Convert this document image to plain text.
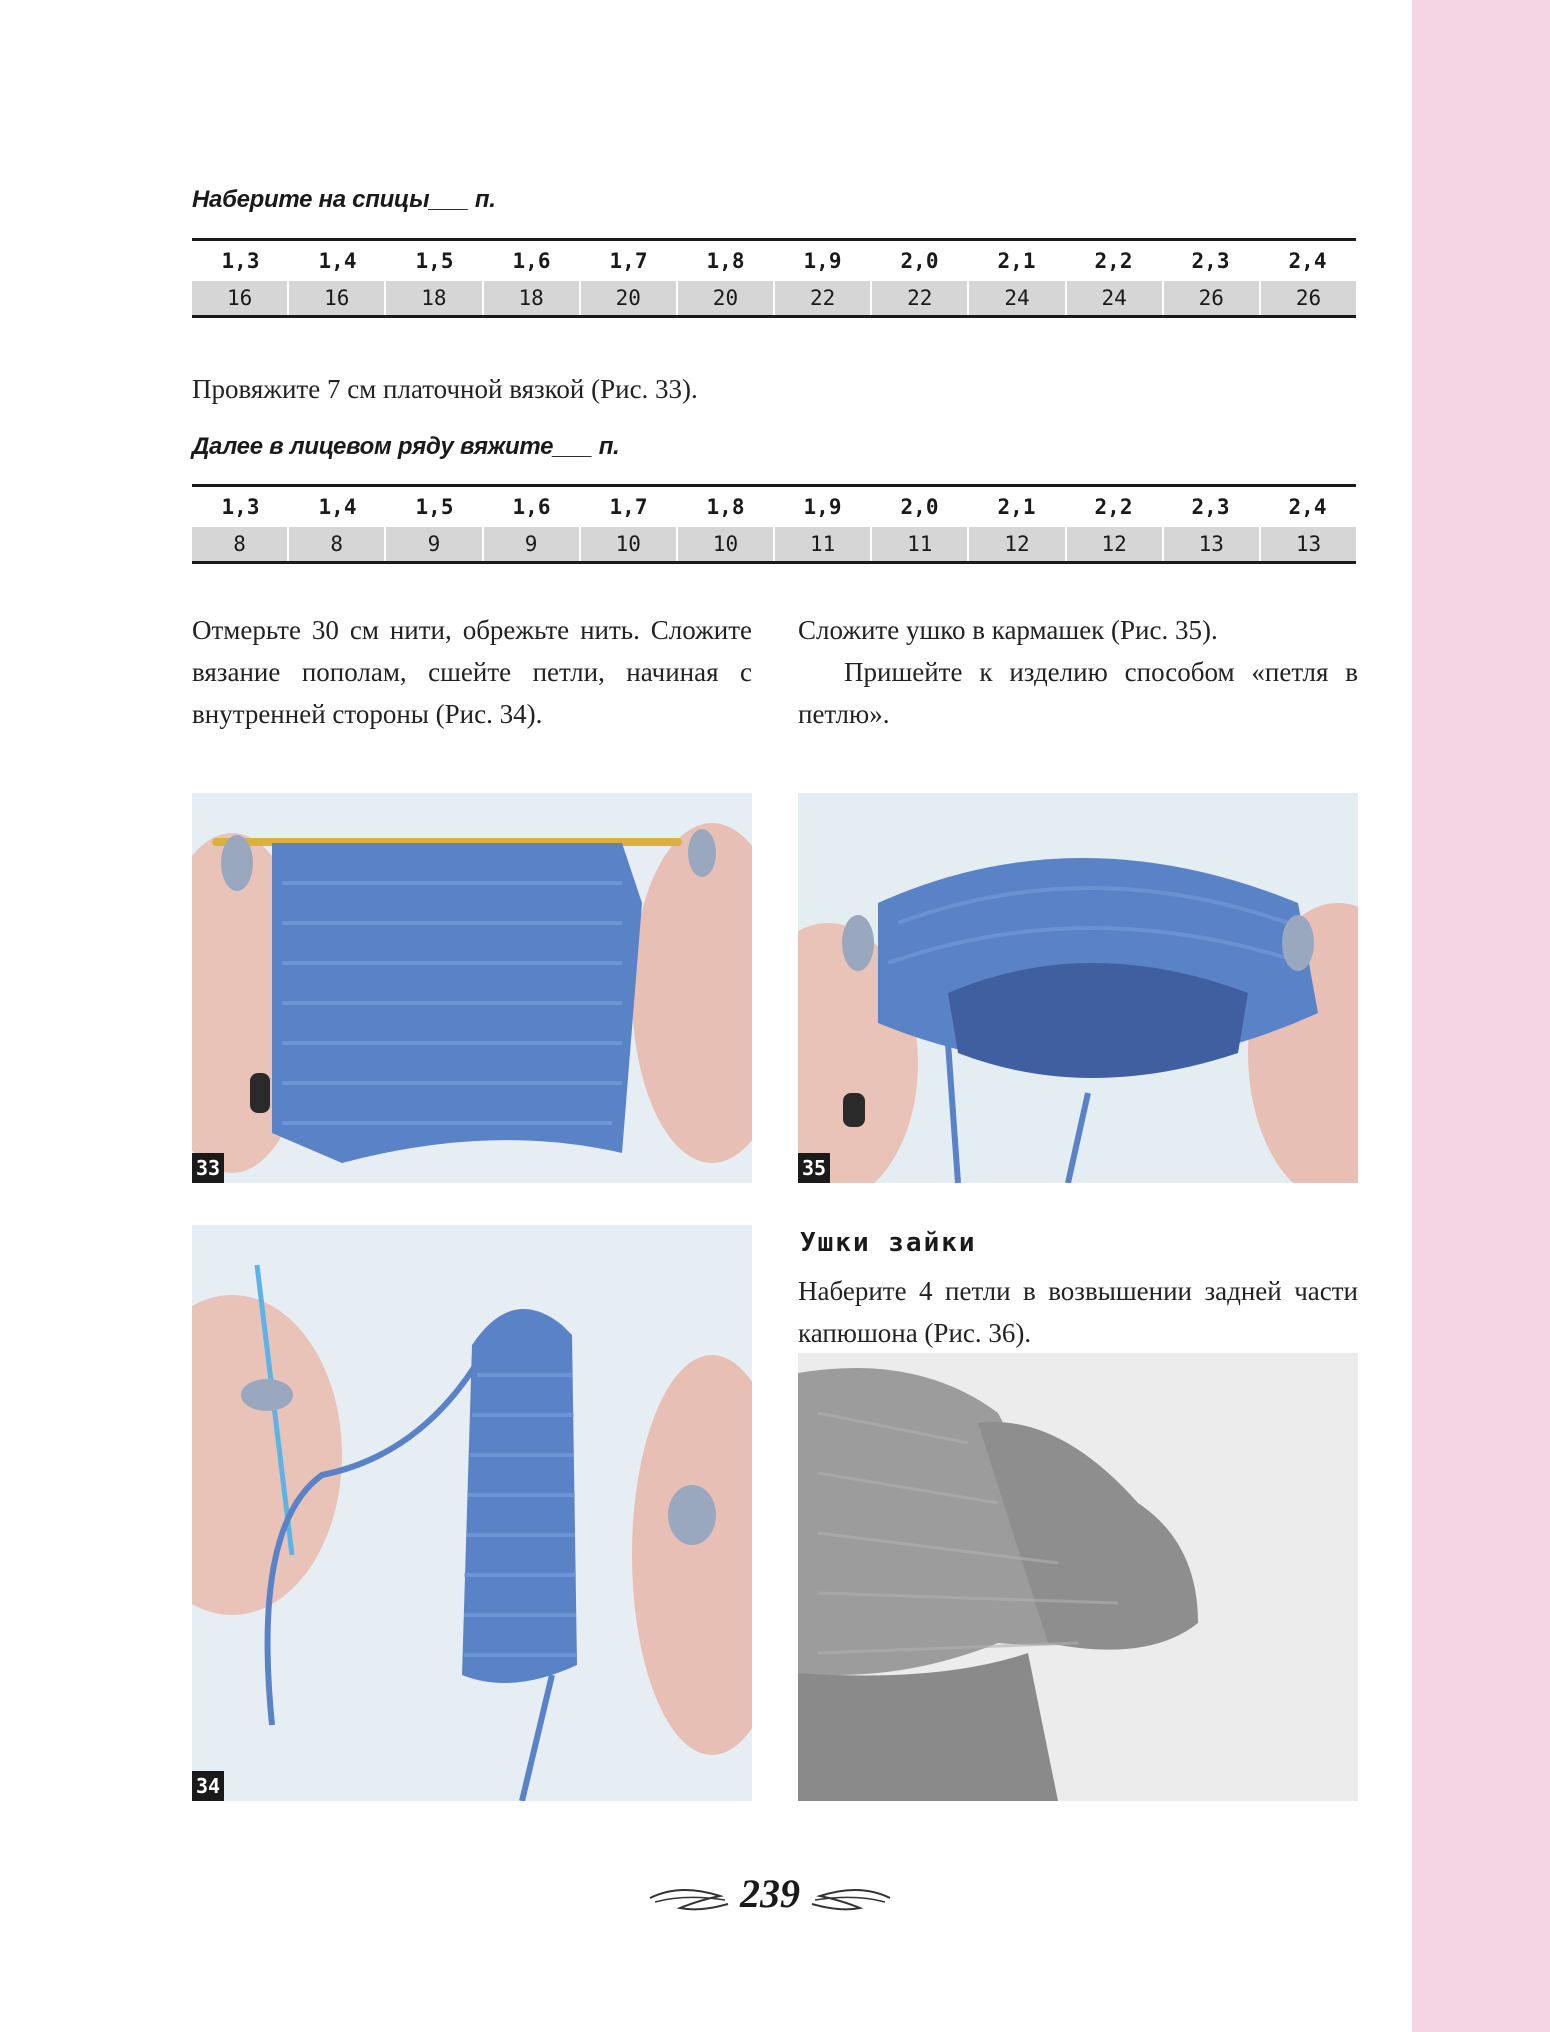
Наберите на спицы___ п.
1,3	1,4	1,5	1,6	1,7	1,8	1,9	2,0	2,1	2,2	2,3	2,4
16	16	18	18	20	20	22	22	24	24	26	26
Провяжите 7 см платочной вязкой (Рис. 33).
Далее в лицевом ряду вяжите___ п.
1,3	1,4	1,5	1,6	1,7	1,8	1,9	2,0	2,1	2,2	2,3	2,4
8	8	9	9	10	10	11	11	12	12	13	13
Отмерьте 30 см нити, обрежьте нить. Сложите вязание пополам, сшейте петли, начиная с внутренней стороны (Рис. 34).

Сложите ушко в кармашек (Рис. 35).

Пришейте к изделию способом «петля в петлю».

33	35
34
Ушки зайки
Наберите 4 петли в возвышении задней части капюшона (Рис. 36).
239
